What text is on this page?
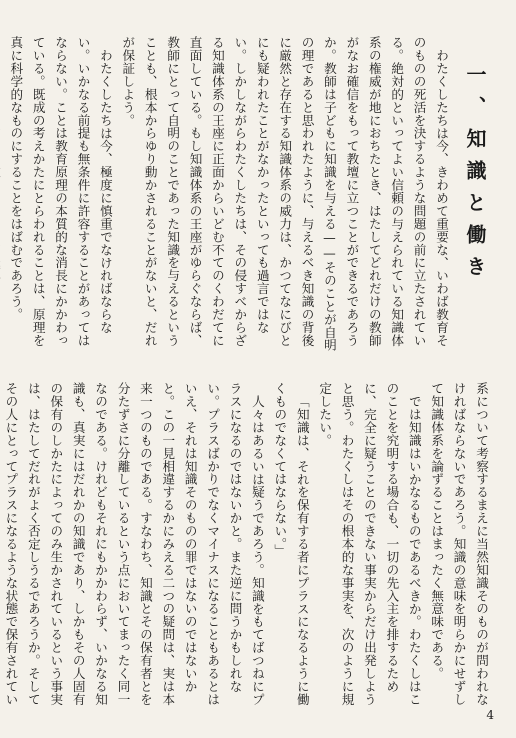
一、知識と働き

わたくしたちは今、きわめて重要な、いわば教育そのものの死活を決するような問題の前に立たされている。絶対的といってよい信頼の与えられている知識体系の権威が地におちたとき、はたしてどれだけの教師がなお確信をもって教壇に立つことができるであろうか。教師は子どもに知識を与える——そのことが自明の理であると思われたように、与えるべき知識の背後に厳然と存在する知識体系の威力は、かつてなにびとにも疑われたことがなかったといっても過言ではない。しかしながらわたくしたちは、その侵すべからざる知識体系の王座に正面からいどむ不てのくわだてに直面している。もし知識体系の王座がゆらぐならば、教師にとって自明のことであった知識を与えるということも、根本からゆり動かされることがないと、だれが保証しよう。

わたくしたちは今、極度に慎重でなければならない。いかなる前提も無条件に許容することがあってはならない。ことは教育原理の本質的な消長にかかわっている。既成の考えかたにとらわれることは、原理を真に科学的なものにすることをはばむであろう。

系について考察するまえに当然知識そのものが問われなければならないであろう。知識の意味を明らかにせずして知識体系を論ずることはまったく無意味である。

では知識はいかなるものであるべきか。わたくしはこのことを究明する場合も、一切の先入主を排するために、完全に疑うことのできない事実からだけ出発しようと思う。わたくしはその根本的な事実を、次のように規定したい。

「知識は、それを保有する者にプラスになるように働くものでなくてはならない。」

人々はあるいは疑うであろう。知識をもてばつねにプラスになるのではないかと。また逆に問うかもしれない。プラスばかりでなくマイナスになることもあるとはいえ、それは知識そのものの罪ではないのではないかと。この一見相違するかにみえる二つの疑問は、実は本来一つのものである。すなわち、知識とその保有者とを分たずさに分離しているという点においてまったく同一なのである。けれどもそれにもかかわらず、いかなる知識も、真実にはだれかの知識であり、しかもその人固有の保有のしかたによってのみ生かされているという事実は、はたしてだれがよく否定しうるであろうか。そしてその人にとってプラスになるような状態で保有されてい

4
